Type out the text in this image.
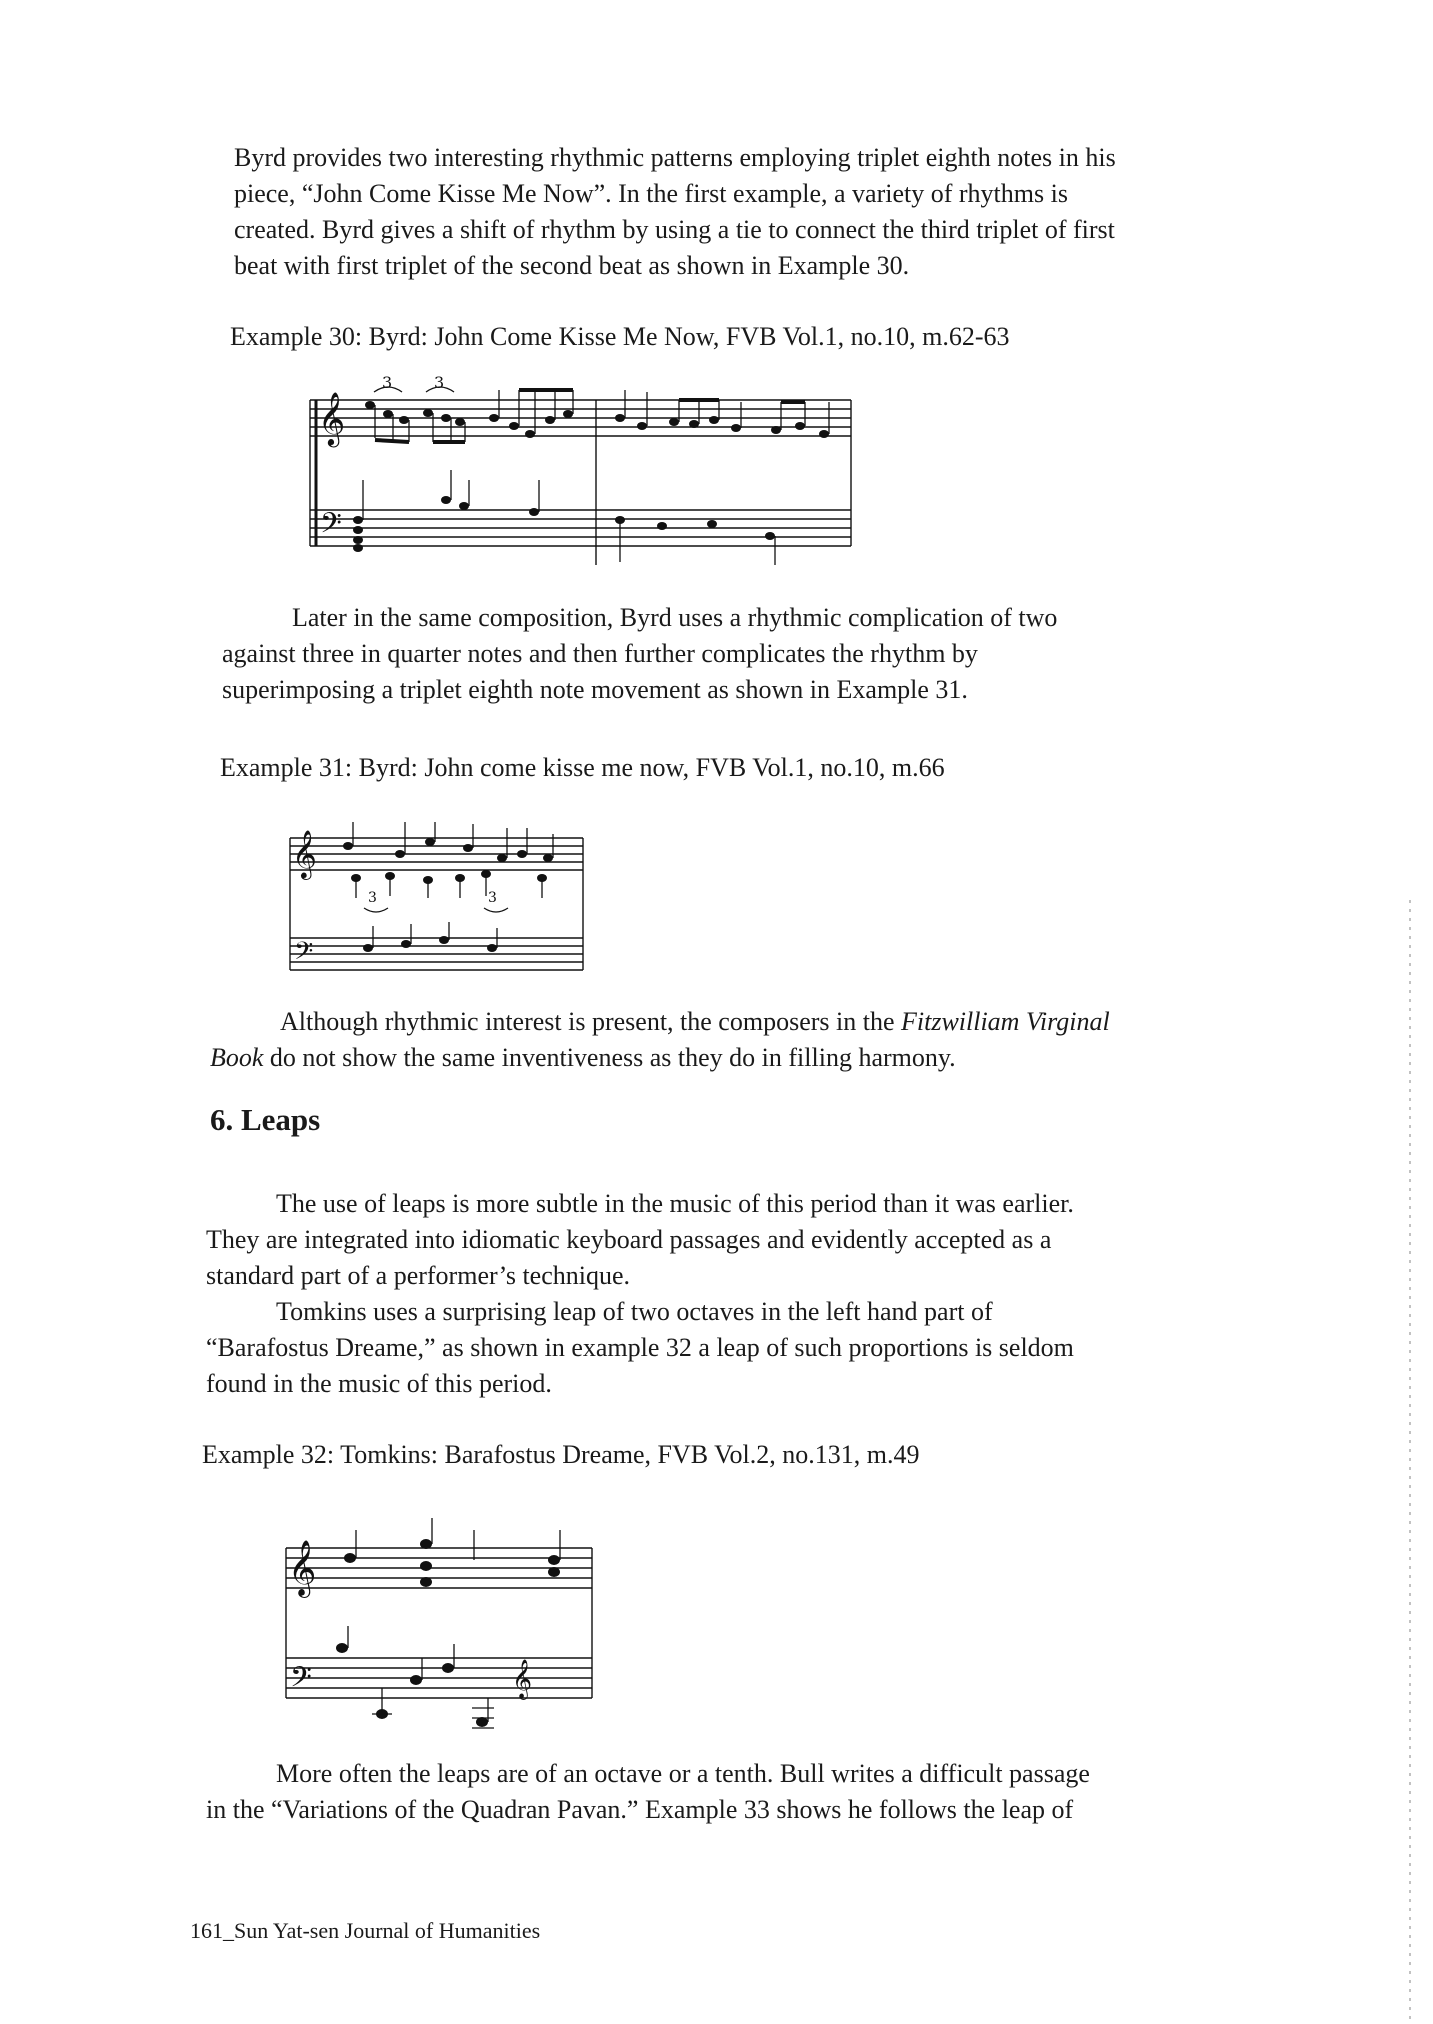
Byrd provides two interesting rhythmic patterns employing triplet eighth notes in his
piece, “John Come Kisse Me Now”. In the first example, a variety of rhythms is
created. Byrd gives a shift of rhythm by using a tie to connect the third triplet of first
beat with first triplet of the second beat as shown in Example 30.
Example 30: Byrd: John Come Kisse Me Now, FVB Vol.1, no.10, m.62-63
𝄞
𝄢
3	3
Later in the same composition, Byrd uses a rhythmic complication of two
against three in quarter notes and then further complicates the rhythm by
superimposing a triplet eighth note movement as shown in Example 31.
Example 31: Byrd: John come kisse me now, FVB Vol.1, no.10, m.66
𝄞
𝄢
3	3
Although rhythmic interest is present, the composers in the Fitzwilliam Virginal
Book do not show the same inventiveness as they do in filling harmony.
6. Leaps
The use of leaps is more subtle in the music of this period than it was earlier.
They are integrated into idiomatic keyboard passages and evidently accepted as a
standard part of a performer’s technique.
Tomkins uses a surprising leap of two octaves in the left hand part of
“Barafostus Dreame,” as shown in example 32 a leap of such proportions is seldom
found in the music of this period.
Example 32: Tomkins: Barafostus Dreame, FVB Vol.2, no.131, m.49
𝄞
𝄢	𝄞
More often the leaps are of an octave or a tenth. Bull writes a difficult passage
in the “Variations of the Quadran Pavan.” Example 33 shows he follows the leap of
161_Sun Yat-sen Journal of Humanities
